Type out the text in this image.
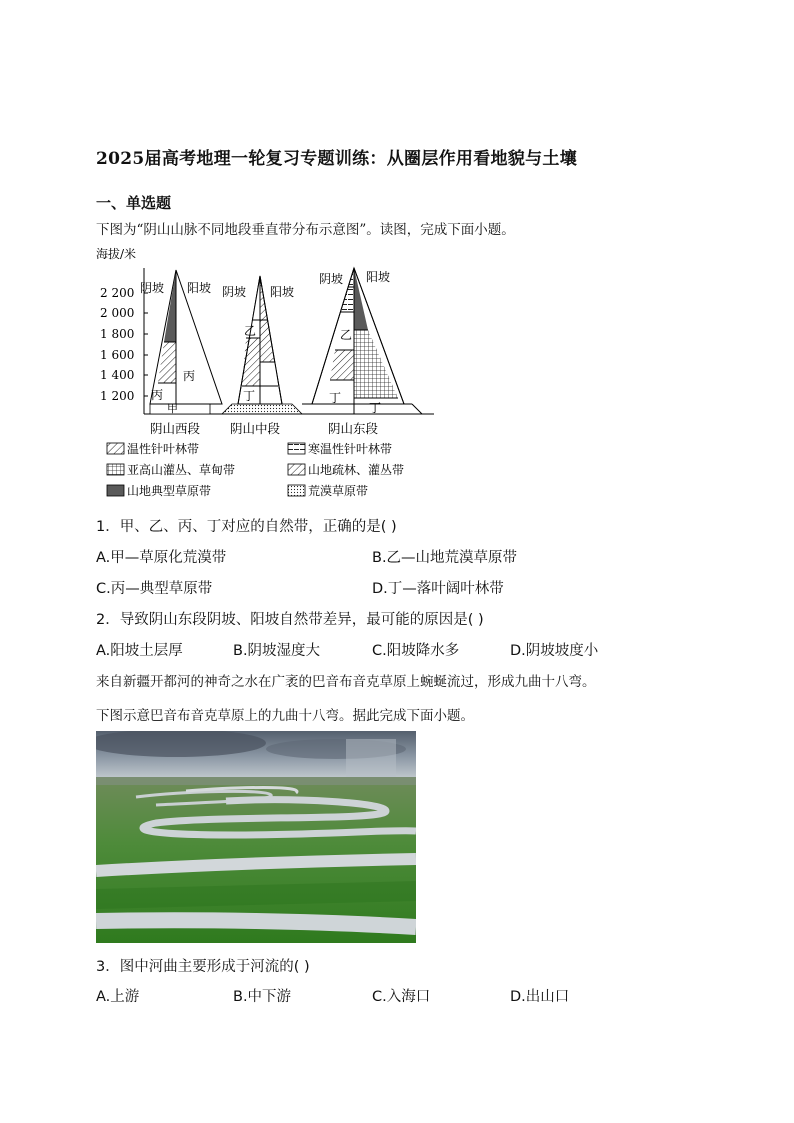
2025届高考地理一轮复习专题训练：从圈层作用看地貌与土壤
一、单选题
下图为“阴山山脉不同地段垂直带分布示意图”。读图，完成下面小题。
海拔/米
2 200
2 000
1 800
1 600
1 400
1 200
阴坡 阳坡 阴坡 阳坡
阴坡 阳坡
甲
丙
丙
乙
丁
乙
丁
丁
阴山西段 阴山中段	阴山东段
温性针叶林带	寒温性针叶林带
亚高山灌丛、草甸带	山地疏林、灌丛带
山地典型草原带	荒漠草原带
1．甲、乙、丙、丁对应的自然带，正确的是( )
A.甲—草原化荒漠带	B.乙—山地荒漠草原带
C.丙—典型草原带	D.丁—落叶阔叶林带
2．导致阴山东段阴坡、阳坡自然带差异，最可能的原因是( )
A.阳坡土层厚	B.阴坡湿度大	C.阳坡降水多	D.阴坡坡度小
来自新疆开都河的神奇之水在广袤的巴音布音克草原上蜿蜒流过，形成九曲十八弯。
下图示意巴音布音克草原上的九曲十八弯。据此完成下面小题。
3．图中河曲主要形成于河流的( )
A.上游	B.中下游	C.入海口	D.出山口
